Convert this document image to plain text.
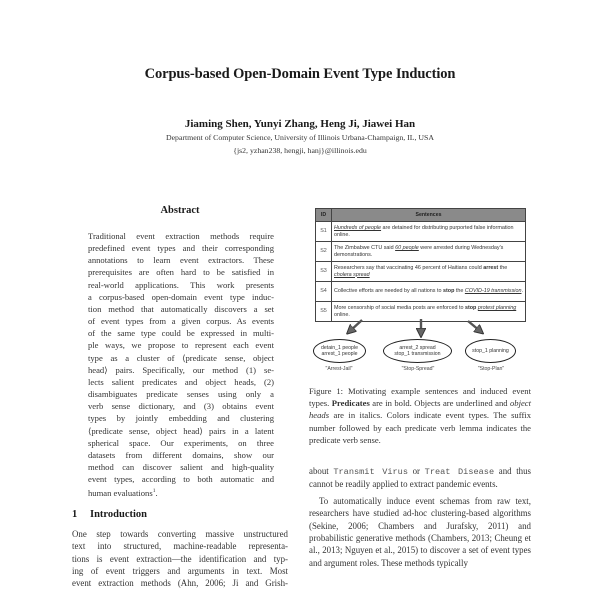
Corpus-based Open-Domain Event Type Induction
Jiaming Shen, Yunyi Zhang, Heng Ji, Jiawei Han
Department of Computer Science, University of Illinois Urbana-Champaign, IL, USA
{js2, yzhan238, hengji, hanj}@illinois.edu
Abstract
Traditional event extraction methods require
predefined event types and their corresponding
annotations to learn event extractors. These
prerequisites are often hard to be satisfied in
real-world applications. This work presents
a corpus-based open-domain event type induc-
tion method that automatically discovers a set
of event types from a given corpus. As events
of the same type could be expressed in multi-
ple ways, we propose to represent each event
type as a cluster of ⟨predicate sense, object
head⟩ pairs. Specifically, our method (1) se-
lects salient predicates and object heads, (2)
disambiguates predicate senses using only a
verb sense dictionary, and (3) obtains event
types by jointly embedding and clustering
⟨predicate sense, object head⟩ pairs in a latent
spherical space. Our experiments, on three
datasets from different domains, show our
method can discover salient and high-quality
event types, according to both automatic and
human evaluations$^1$.
1 Introduction
One step towards converting massive unstructured
text into structured, machine-readable representa-
tions is event extraction—the identification and typ-
ing of event triggers and arguments in text. Most
event extraction methods (Ahn, 2006; Ji and Grish-
ID	Sentences
S1	Hundreds of people are detained for distributing purported false information online.
S2	The Zimbabwe CTU said 60 people were arrested during Wednesday's demonstrations.
S3	Researchers say that vaccinating 46 percent of Haitians could arrest the cholera spread
S4	Collective efforts are needed by all nations to stop the COVID-19 transmission.
S5	More censorship of social media posts are enforced to stop protest planning online.
detain_1 people
arrest_1 people
"Arrest-Jail"
arrest_2 spread
stop_1 transmission
"Stop-Spread"
stop_1 planning
"Stop-Plan"
Figure 1: Motivating example sentences and induced event types. Predicates are in bold. Objects are underlined and object heads are in italics. Colors indicate event types. The suffix number followed by each predicate verb lemma indicates the predicate verb sense.

about Transmit Virus or Treat Disease and thus cannot be readily applied to extract pandemic events.

To automatically induce event schemas from raw text, researchers have studied ad-hoc clustering-based algorithms (Sekine, 2006; Chambers and Jurafsky, 2011) and probabilistic generative methods (Chambers, 2013; Cheung et al., 2013; Nguyen et al., 2015) to discover a set of event types and argument roles. These methods typically
